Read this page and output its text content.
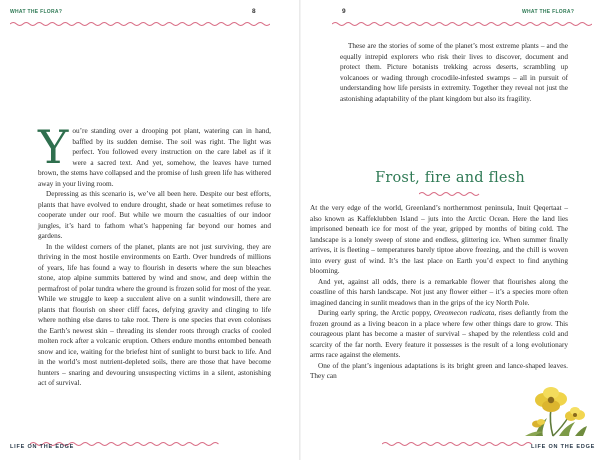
WHAT THE FLORA?	8

You’re standing over a drooping pot plant, watering can in hand, baffled by its sudden demise. The soil was right. The light was perfect. You followed every instruction on the care label as if it were a sacred text. And yet, somehow, the leaves have turned brown, the stems have collapsed and the promise of lush green life has withered away in your living room.

Depressing as this scenario is, we’ve all been here. Despite our best efforts, plants that have evolved to endure drought, shade or heat sometimes refuse to cooperate under our roof. But while we mourn the casualties of our indoor jungles, it’s hard to fathom what’s happening far beyond our homes and gardens.

In the wildest corners of the planet, plants are not just surviving, they are thriving in the most hostile environments on Earth. Over hundreds of millions of years, life has found a way to flourish in deserts where the sun bleaches stone, atop alpine summits battered by wind and snow, and deep within the permafrost of polar tundra where the ground is frozen solid for most of the year. While we struggle to keep a succulent alive on a sunlit windowsill, there are plants that flourish on sheer cliff faces, defying gravity and clinging to life where nothing else dares to take root. There is one species that even colonises the Earth’s newest skin – threading its slender roots through cracks of cooled molten rock after a volcanic eruption. Others endure months entombed beneath snow and ice, waiting for the briefest hint of sunlight to burst back to life. And in the world’s most nutrient-depleted soils, there are those that have become hunters – snaring and devouring unsuspecting victims in a silent, astonishing act of survival.

LIFE ON THE EDGE
9	WHAT THE FLORA?

These are the stories of some of the planet’s most extreme plants – and the equally intrepid explorers who risk their lives to discover, document and protect them. Picture botanists trekking across deserts, scrambling up volcanoes or wading through crocodile-infested swamps – all in pursuit of understanding how life persists in extremity. Together they reveal not just the astonishing adaptability of the plant kingdom but also its fragility.

Frost, fire and flesh

At the very edge of the world, Greenland’s northernmost peninsula, Inuit Qeqertaat – also known as Kaffeklubben Island – juts into the Arctic Ocean. Here the land lies imprisoned beneath ice for most of the year, gripped by months of biting cold. The landscape is a lonely sweep of stone and endless, glittering ice. When summer finally arrives, it is fleeting – temperatures barely tiptoe above freezing, and the chill is woven into every gust of wind. It’s the last place on Earth you’d expect to find anything blooming.

And yet, against all odds, there is a remarkable flower that flourishes along the coastline of this harsh landscape. Not just any flower either – it’s a species more often imagined dancing in sunlit meadows than in the grips of the icy North Pole.

During early spring, the Arctic poppy, Oreomecon radicata, rises defiantly from the frozen ground as a living beacon in a place where few other things dare to grow. This courageous plant has become a master of survival – shaped by the relentless cold and scarcity of the far north. Every feature it possesses is the result of a long evolutionary arms race against the elements.

One of the plant’s ingenious adaptations is its bright green and lance-shaped leaves. They can

LIFE ON THE EDGE
